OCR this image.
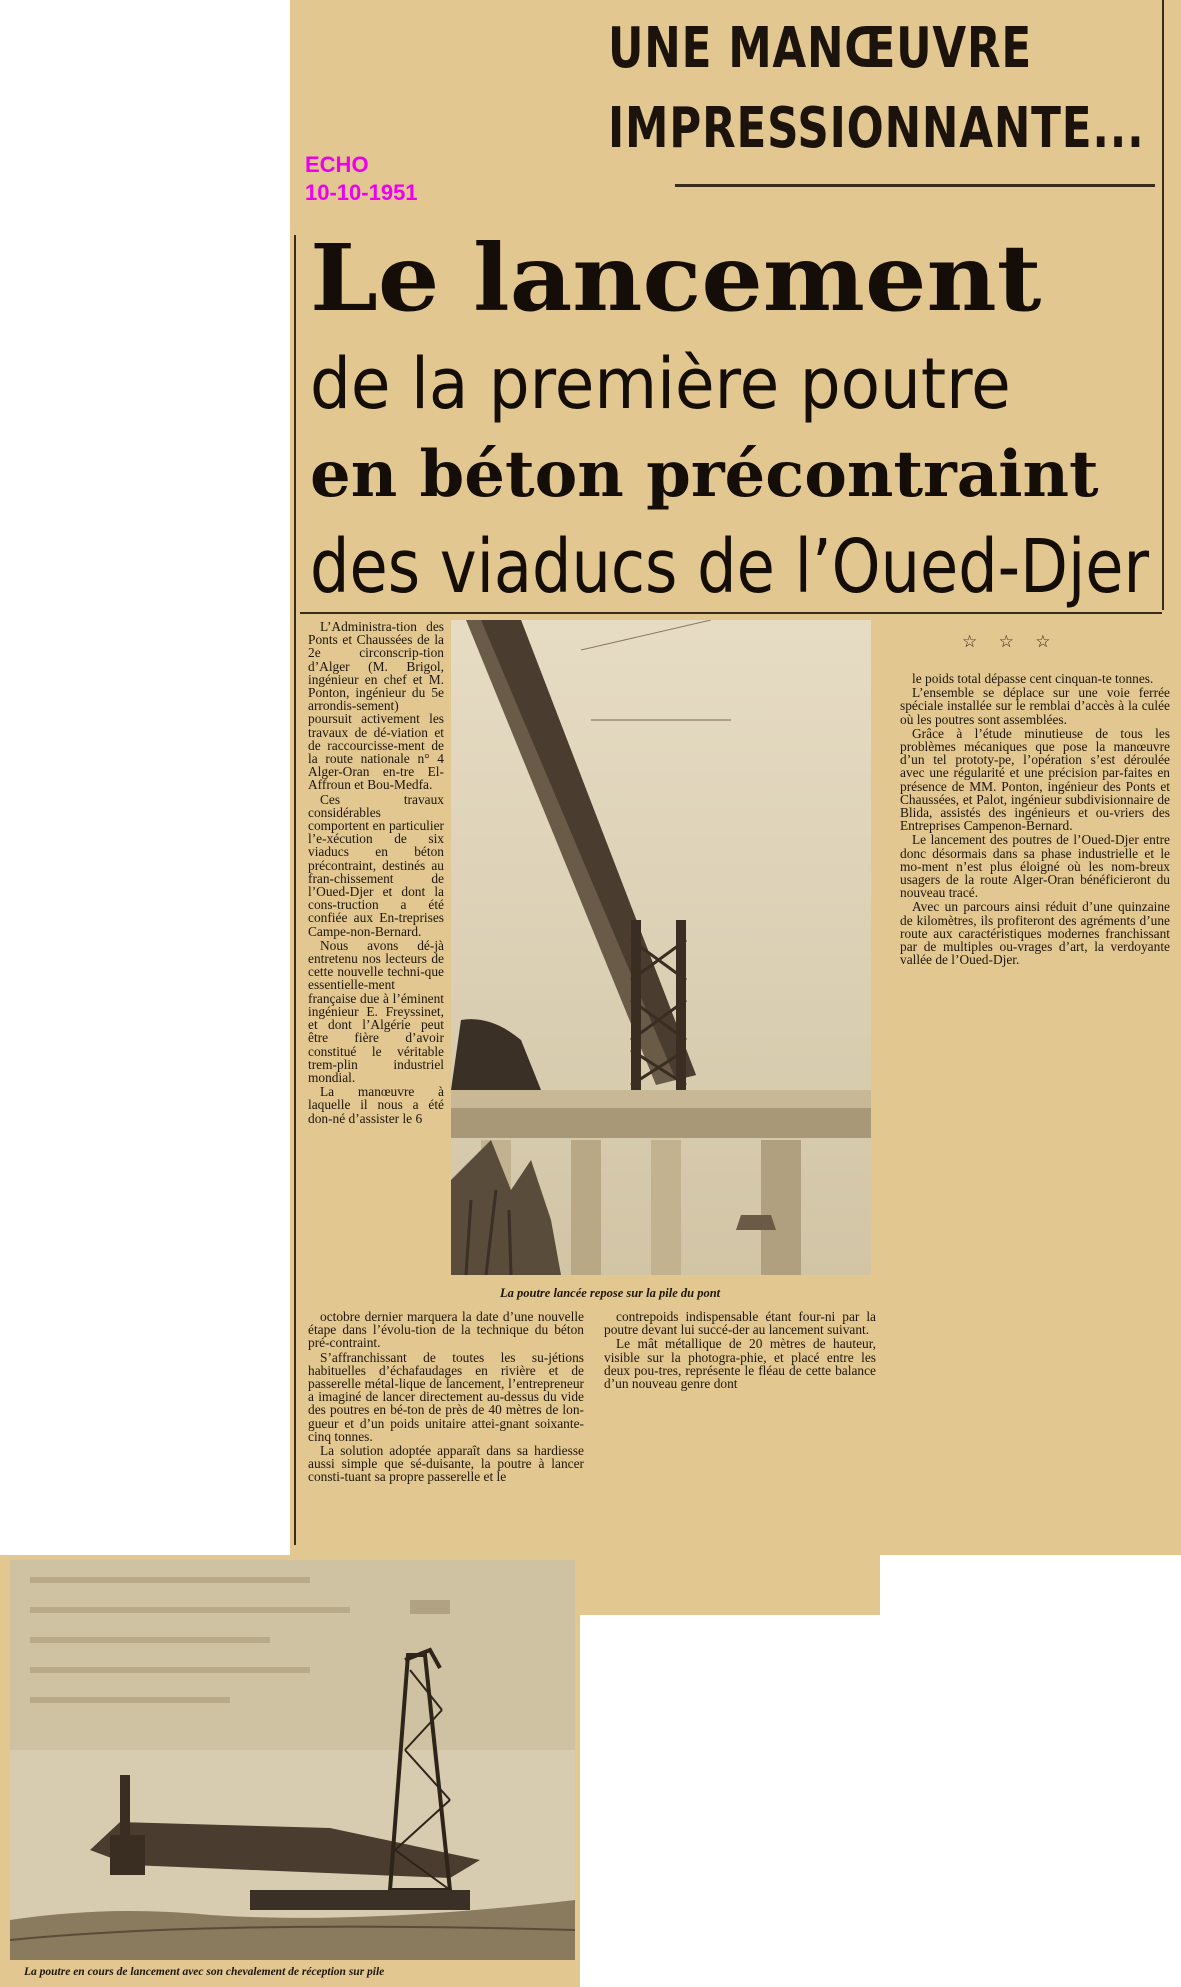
ECHO
10-10-1951
UNE MANŒUVRE
IMPRESSIONNANTE...
Le lancement
de la première poutre
en béton précontraint
des viaducs de l’Oued-Djer
☆ ☆ ☆

L’Administra-tion des Ponts et Chaussées de la 2e circonscrip-tion d’Alger (M. Brigol, ingénieur en chef et M. Ponton, ingénieur du 5e arrondis-sement) poursuit activement les travaux de dé-viation et de raccourcisse-ment de la route nationale n° 4 Alger-Oran en-tre El-Affroun et Bou-Medfa.

Ces travaux considérables comportent en particulier l’e-xécution de six viaducs en béton précontraint, destinés au fran-chissement de l’Oued-Djer et dont la cons-truction a été confiée aux En-treprises Campe-non-Bernard.

Nous avons dé-jà entretenu nos lecteurs de cette nouvelle techni-que essentielle-ment française due à l’éminent ingénieur E. Freyssinet, et dont l’Algérie peut être fière d’avoir constitué le véritable trem-plin industriel mondial.

La manœuvre à laquelle il nous a été don-né d’assister le 6

La poutre lancée repose sur la pile du pont

contrepoids indispensable étant four-ni par la poutre devant lui succé-der au lancement suivant.

Le mât métallique de 20 mètres de hauteur, visible sur la photogra-phie, et placé entre les deux pou-tres, représente le fléau de cette balance d’un nouveau genre dont

octobre dernier marquera la date d’une nouvelle étape dans l’évolu-tion de la technique du béton pré-contraint.

S’affranchissant de toutes les su-jétions habituelles d’échafaudages en rivière et de passerelle métal-lique de lancement, l’entrepreneur a imaginé de lancer directement au-dessus du vide des poutres en bé-ton de près de 40 mètres de lon-gueur et d’un poids unitaire attei-gnant soixante-cinq tonnes.

La solution adoptée apparaît dans sa hardiesse aussi simple que sé-duisante, la poutre à lancer consti-tuant sa propre passerelle et le

le poids total dépasse cent cinquan-te tonnes.

L’ensemble se déplace sur une voie ferrée spéciale installée sur le remblai d’accès à la culée où les poutres sont assemblées.

Grâce à l’étude minutieuse de tous les problèmes mécaniques que pose la manœuvre d’un tel prototy-pe, l’opération s’est déroulée avec une régularité et une précision par-faites en présence de MM. Ponton, ingénieur des Ponts et Chaussées, et Palot, ingénieur subdivisionnaire de Blida, assistés des ingénieurs et ou-vriers des Entreprises Campenon-Bernard.

Le lancement des poutres de l’Oued-Djer entre donc désormais dans sa phase industrielle et le mo-ment n’est plus éloigné où les nom-breux usagers de la route Alger-Oran bénéficieront du nouveau tracé.

Avec un parcours ainsi réduit d’une quinzaine de kilomètres, ils profiteront des agréments d’une route aux caractéristiques modernes franchissant par de multiples ou-vrages d’art, la verdoyante vallée de l’Oued-Djer.

La poutre en cours de lancement avec son chevalement de réception sur pile
